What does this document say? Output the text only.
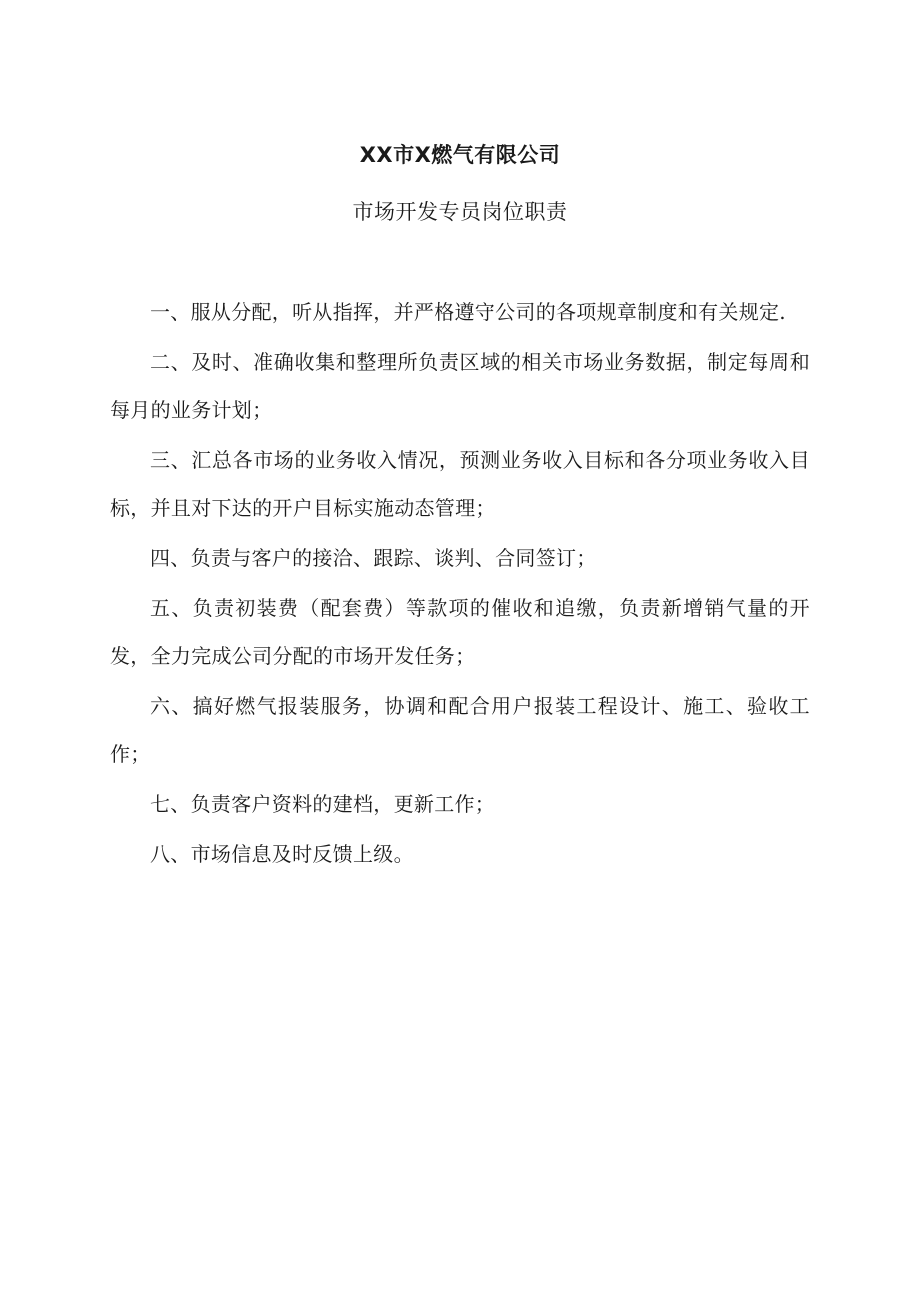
XX市X燃气有限公司
市场开发专员岗位职责
一、服从分配，听从指挥，并严格遵守公司的各项规章制度和有关规定.
二、及时、准确收集和整理所负责区域的相关市场业务数据，制定每周和每月的业务计划；
三、汇总各市场的业务收入情况，预测业务收入目标和各分项业务收入目标，并且对下达的开户目标实施动态管理；
四、负责与客户的接洽、跟踪、谈判、合同签订；
五、负责初装费（配套费）等款项的催收和追缴，负责新增销气量的开发，全力完成公司分配的市场开发任务；
六、搞好燃气报装服务，协调和配合用户报装工程设计、施工、验收工作；
七、负责客户资料的建档，更新工作；
八、市场信息及时反馈上级。
